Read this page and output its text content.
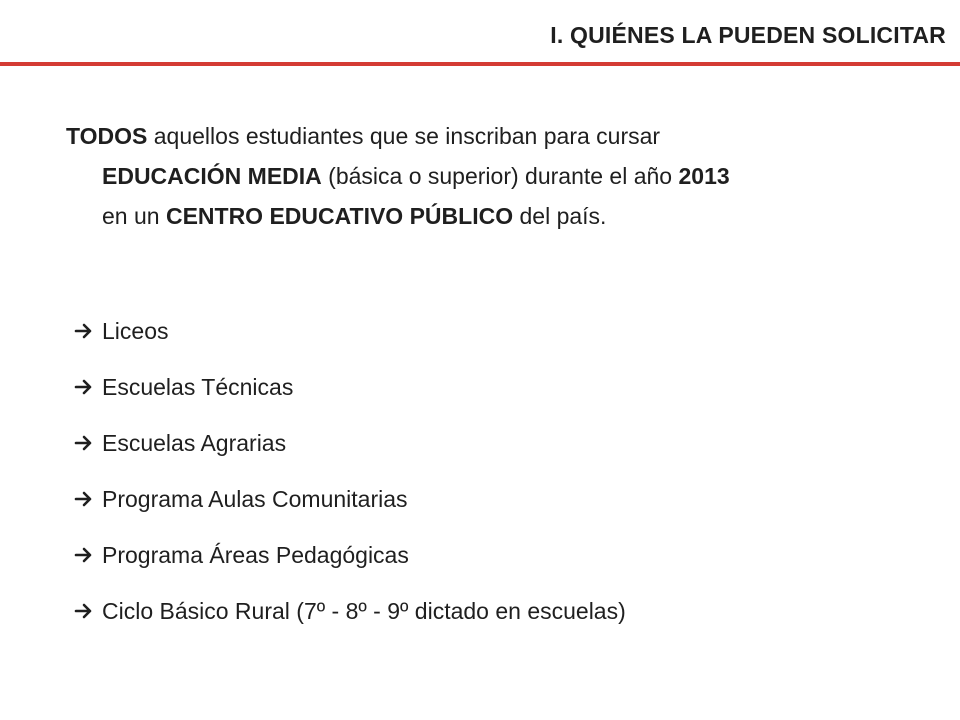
I. QUIÉNES LA PUEDEN SOLICITAR
TODOS aquellos estudiantes que se inscriban para cursar
EDUCACIÓN MEDIA (básica o superior) durante el año 2013
en un CENTRO EDUCATIVO PÚBLICO del país.
Liceos
Escuelas Técnicas
Escuelas Agrarias
Programa Aulas Comunitarias
Programa Áreas Pedagógicas
Ciclo Básico Rural (7º - 8º - 9º dictado en escuelas)
